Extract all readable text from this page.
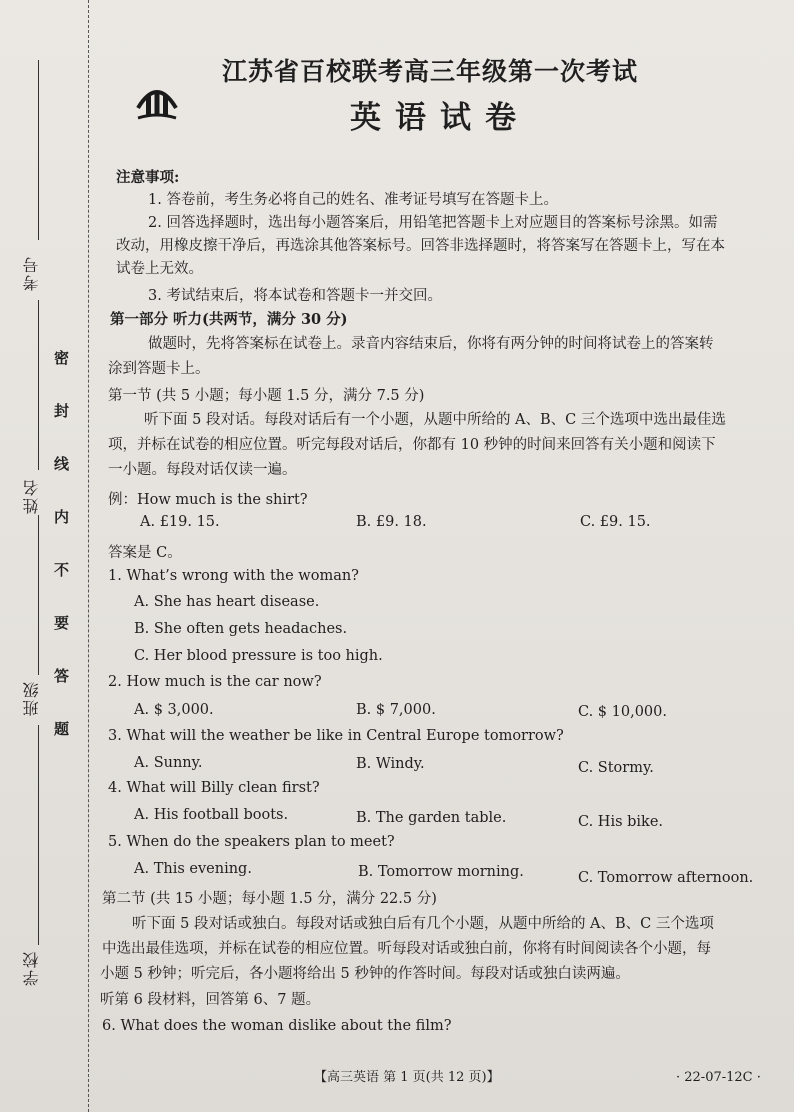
考号
姓名
班级
学校
密封线内不要答题
江苏省百校联考高三年级第一次考试
英语试卷
注意事项:
1. 答卷前，考生务必将自己的姓名、准考证号填写在答题卡上。
2. 回答选择题时，选出每小题答案后，用铅笔把答题卡上对应题目的答案标号涂黑。如需
改动，用橡皮擦干净后，再选涂其他答案标号。回答非选择题时，将答案写在答题卡上，写在本
试卷上无效。
3. 考试结束后，将本试卷和答题卡一并交回。
第一部分 听力(共两节，满分 30 分)
做题时，先将答案标在试卷上。录音内容结束后，你将有两分钟的时间将试卷上的答案转
涂到答题卡上。
第一节 (共 5 小题；每小题 1.5 分，满分 7.5 分)
听下面 5 段对话。每段对话后有一个小题，从题中所给的 A、B、C 三个选项中选出最佳选
项，并标在试卷的相应位置。听完每段对话后，你都有 10 秒钟的时间来回答有关小题和阅读下
一小题。每段对话仅读一遍。
例：How much is the shirt?
A. £19. 15.	B. £9. 18.	C. £9. 15.
答案是 C。
1. What’s wrong with the woman?
A. She has heart disease.
B. She often gets headaches.
C. Her blood pressure is too high.
2. How much is the car now?
A. $ 3,000.	B. $ 7,000.	C. $ 10,000.
3. What will the weather be like in Central Europe tomorrow?
A. Sunny.	B. Windy.	C. Stormy.
4. What will Billy clean first?
A. His football boots.	B. The garden table.	C. His bike.
5. When do the speakers plan to meet?
A. This evening.	B. Tomorrow morning.	C. Tomorrow afternoon.
第二节 (共 15 小题；每小题 1.5 分，满分 22.5 分)
听下面 5 段对话或独白。每段对话或独白后有几个小题，从题中所给的 A、B、C 三个选项
中选出最佳选项，并标在试卷的相应位置。听每段对话或独白前，你将有时间阅读各个小题，每
小题 5 秒钟；听完后，各小题将给出 5 秒钟的作答时间。每段对话或独白读两遍。
听第 6 段材料，回答第 6、7 题。
6. What does the woman dislike about the film?
【高三英语 第 1 页(共 12 页)】	· 22-07-12C ·
